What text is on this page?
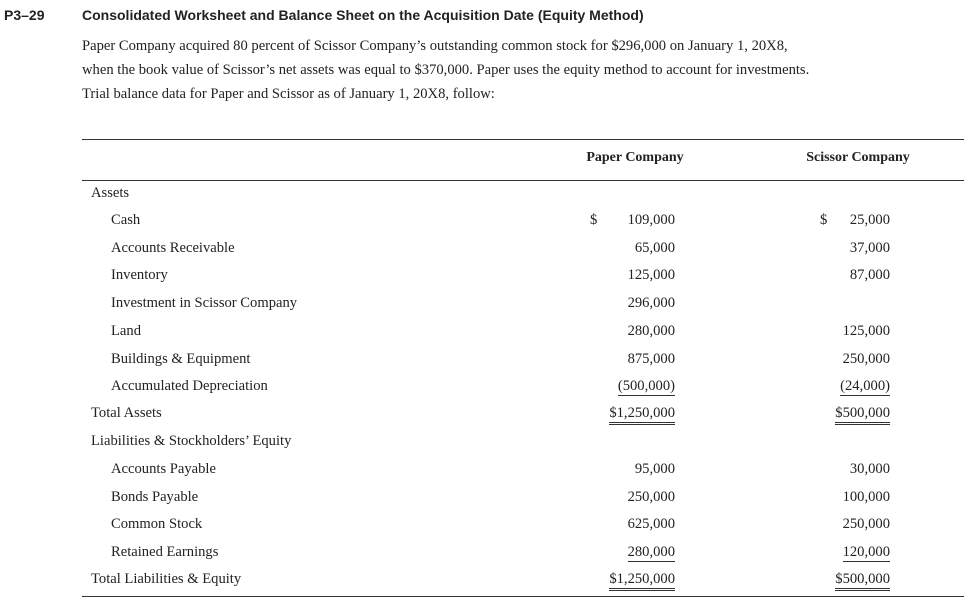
P3–29	Consolidated Worksheet and Balance Sheet on the Acquisition Date (Equity Method)

Paper Company acquired 80 percent of Scissor Company’s outstanding common stock for $296,000 on January 1, 20X8,

when the book value of Scissor’s net assets was equal to $370,000. Paper uses the equity method to account for investments.

Trial balance data for Paper and Scissor as of January 1, 20X8, follow:

Paper Company	Scissor Company
Assets
Cash	$ 109,000	$ 25,000
Accounts Receivable	65,000	37,000
Inventory	125,000	87,000
Investment in Scissor Company	296,000
Land	280,000	125,000
Buildings & Equipment	875,000	250,000
Accumulated Depreciation	(500,000)	(24,000)
Total Assets	$1,250,000	$500,000
Liabilities & Stockholders’ Equity
Accounts Payable	95,000	30,000
Bonds Payable	250,000	100,000
Common Stock	625,000	250,000
Retained Earnings	280,000	120,000
Total Liabilities & Equity	$1,250,000	$500,000
